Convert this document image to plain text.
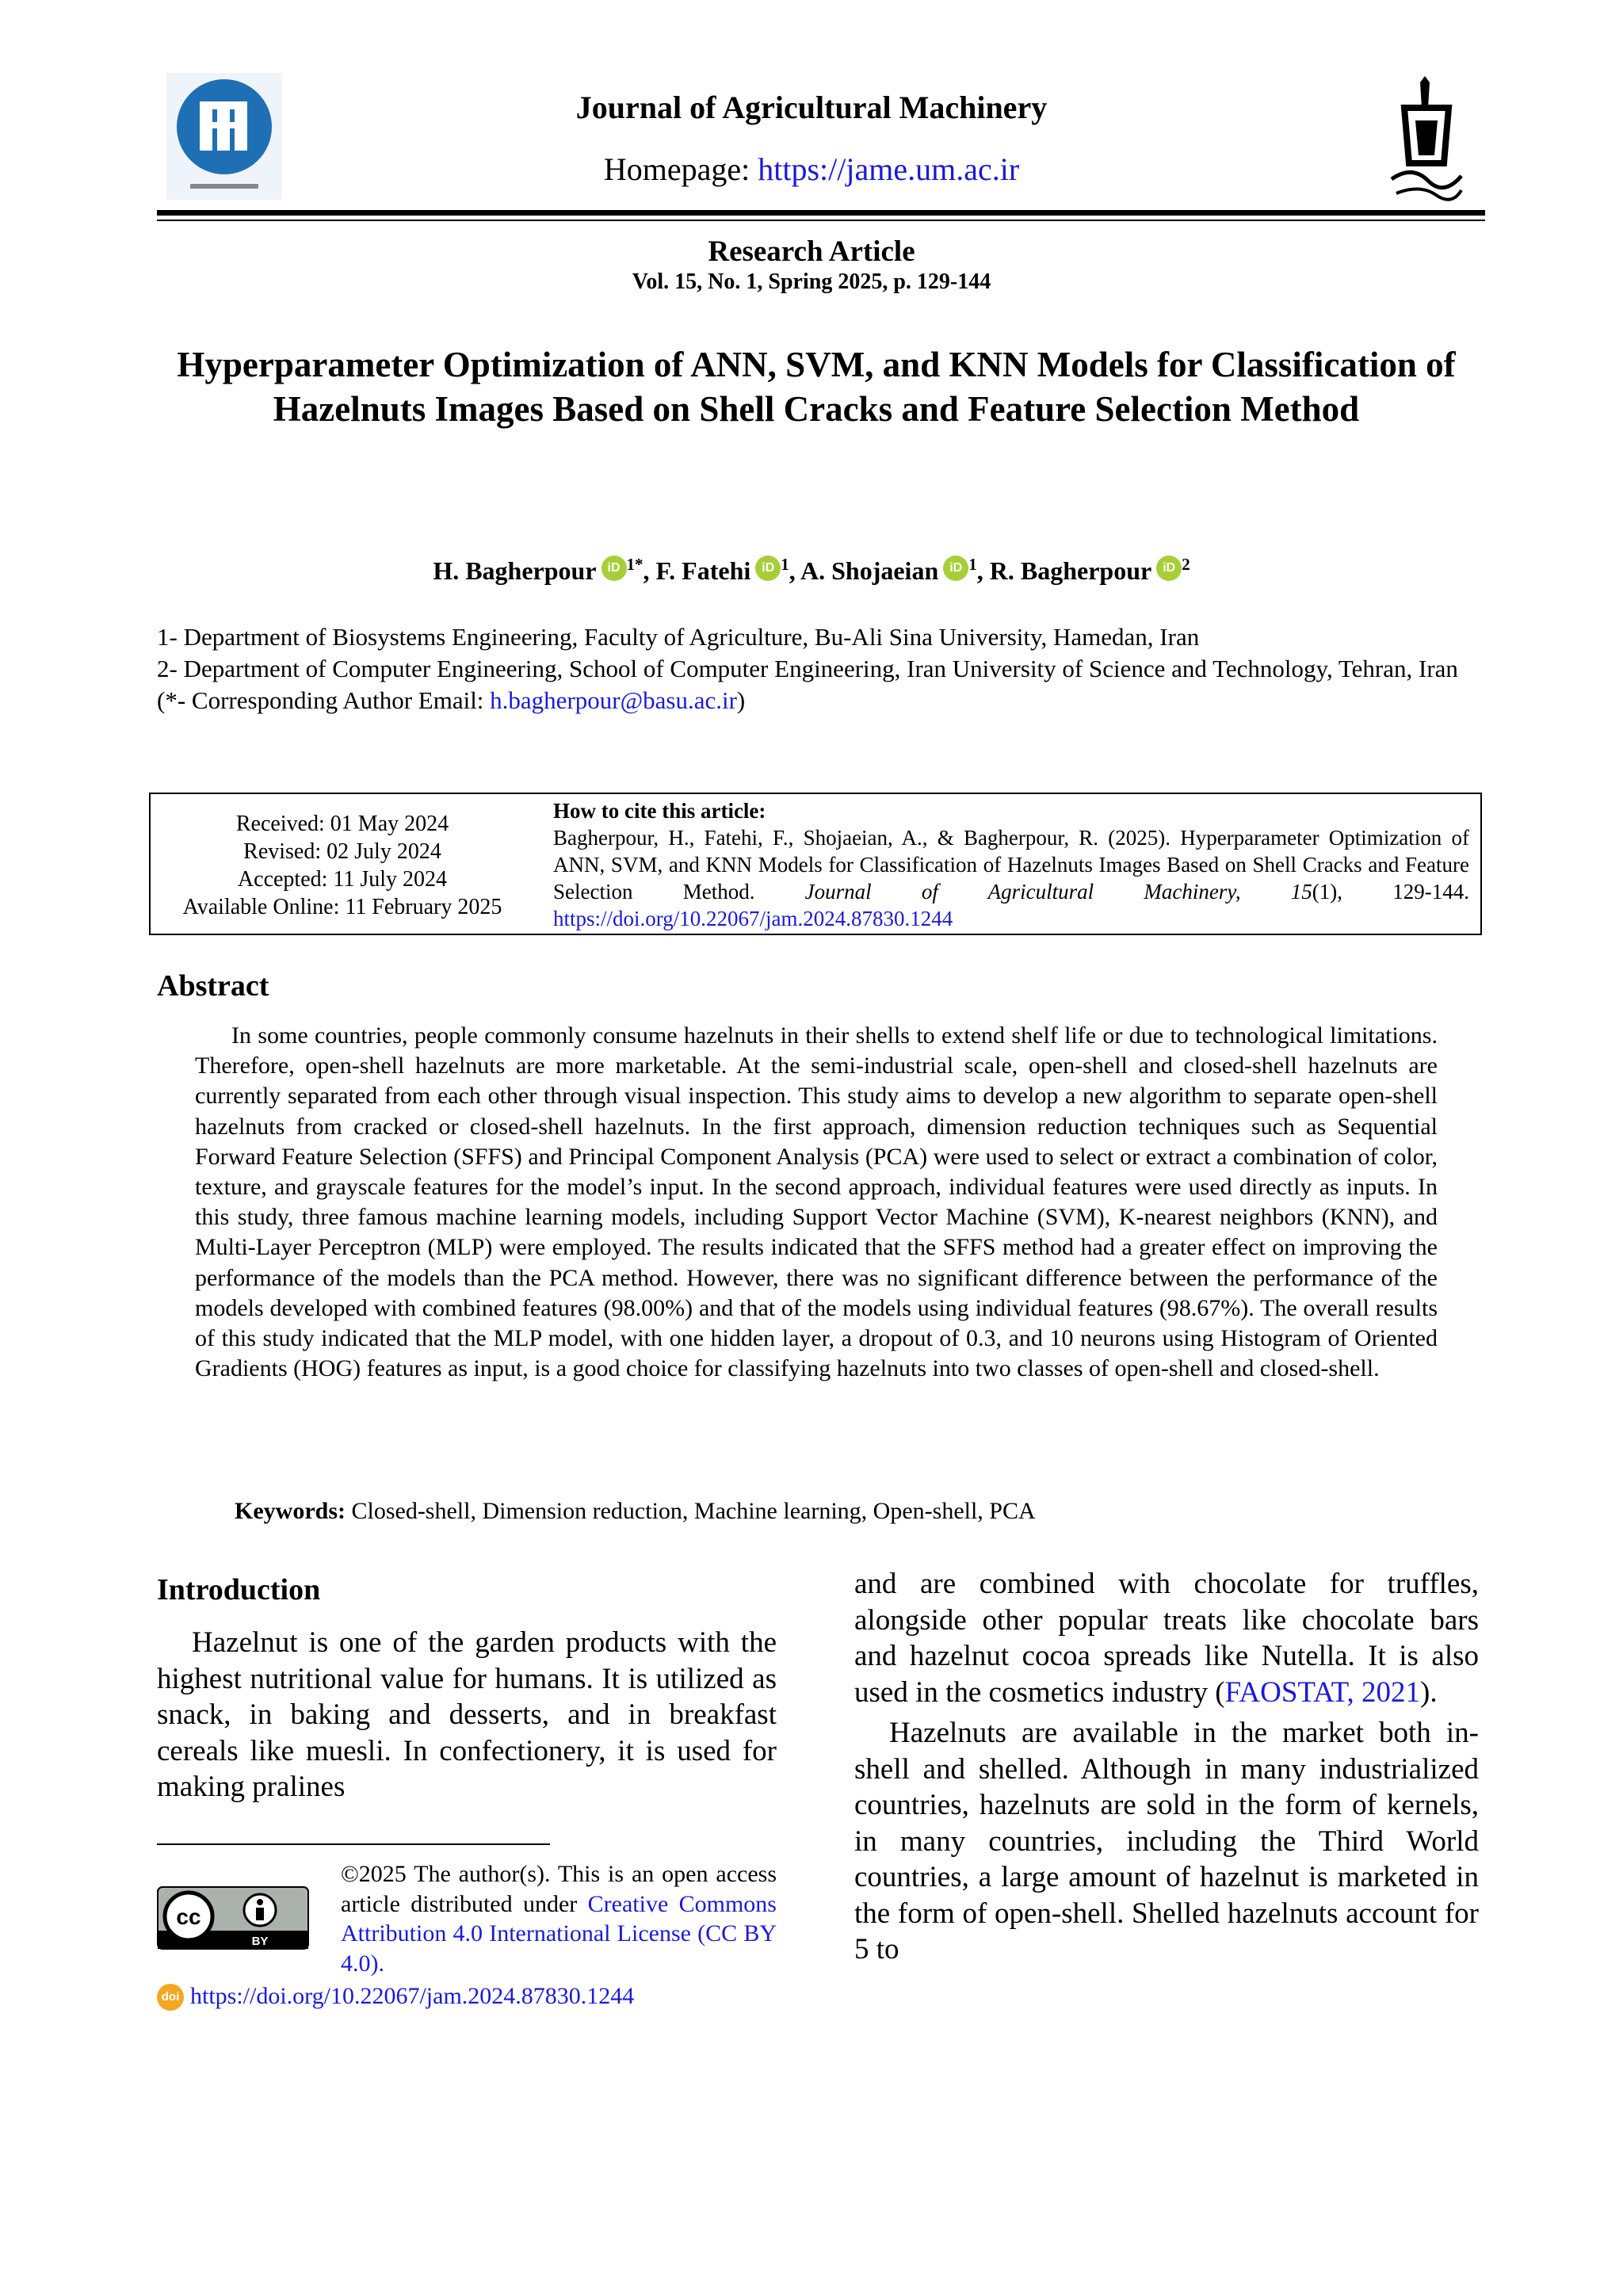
Journal of Agricultural Machinery
Homepage: https://jame.um.ac.ir
Research Article
Vol. 15, No. 1, Spring 2025, p. 129-144
Hyperparameter Optimization of ANN, SVM, and KNN Models for Classification of Hazelnuts Images Based on Shell Cracks and Feature Selection Method
H. Bagherpour iD $^{1*}$, F. Fatehi iD $^1$, A. Shojaeian iD $^1$, R. Bagherpour iD $^2$
1- Department of Biosystems Engineering, Faculty of Agriculture, Bu-Ali Sina University, Hamedan, Iran
2- Department of Computer Engineering, School of Computer Engineering, Iran University of Science and Technology, Tehran, Iran
(*- Corresponding Author Email: h.bagherpour@basu.ac.ir)
Received: 01 May 2024
Revised: 02 July 2024
Accepted: 11 July 2024
Available Online: 11 February 2025
How to cite this article:
Bagherpour, H., Fatehi, F., Shojaeian, A., & Bagherpour, R. (2025). Hyperparameter Optimization of ANN, SVM, and KNN Models for Classification of Hazelnuts Images Based on Shell Cracks and Feature Selection Method. Journal of Agricultural Machinery, 15(1), 129-144. https://doi.org/10.22067/jam.2024.87830.1244
Abstract
In some countries, people commonly consume hazelnuts in their shells to extend shelf life or due to technological limitations. Therefore, open-shell hazelnuts are more marketable. At the semi-industrial scale, open-shell and closed-shell hazelnuts are currently separated from each other through visual inspection. This study aims to develop a new algorithm to separate open-shell hazelnuts from cracked or closed-shell hazelnuts. In the first approach, dimension reduction techniques such as Sequential Forward Feature Selection (SFFS) and Principal Component Analysis (PCA) were used to select or extract a combination of color, texture, and grayscale features for the model’s input. In the second approach, individual features were used directly as inputs. In this study, three famous machine learning models, including Support Vector Machine (SVM), K-nearest neighbors (KNN), and Multi-Layer Perceptron (MLP) were employed. The results indicated that the SFFS method had a greater effect on improving the performance of the models than the PCA method. However, there was no significant difference between the performance of the models developed with combined features (98.00%) and that of the models using individual features (98.67%). The overall results of this study indicated that the MLP model, with one hidden layer, a dropout of 0.3, and 10 neurons using Histogram of Oriented Gradients (HOG) features as input, is a good choice for classifying hazelnuts into two classes of open-shell and closed-shell.
Keywords: Closed-shell, Dimension reduction, Machine learning, Open-shell, PCA
Introduction
Hazelnut is one of the garden products with the highest nutritional value for humans. It is utilized as snack, in baking and desserts, and in breakfast cereals like muesli. In confectionery, it is used for making pralines

and are combined with chocolate for truffles, alongside other popular treats like chocolate bars and hazelnut cocoa spreads like Nutella. It is also used in the cosmetics industry (FAOSTAT, 2021).

Hazelnuts are available in the market both in-shell and shelled. Although in many industrialized countries, hazelnuts are sold in the form of kernels, in many countries, including the Third World countries, a large amount of hazelnut is marketed in the form of open-shell. Shelled hazelnuts account for 5 to

cc
BY
©2025 The author(s). This is an open access article distributed under Creative Commons Attribution 4.0 International License (CC BY 4.0).
doi https://doi.org/10.22067/jam.2024.87830.1244
